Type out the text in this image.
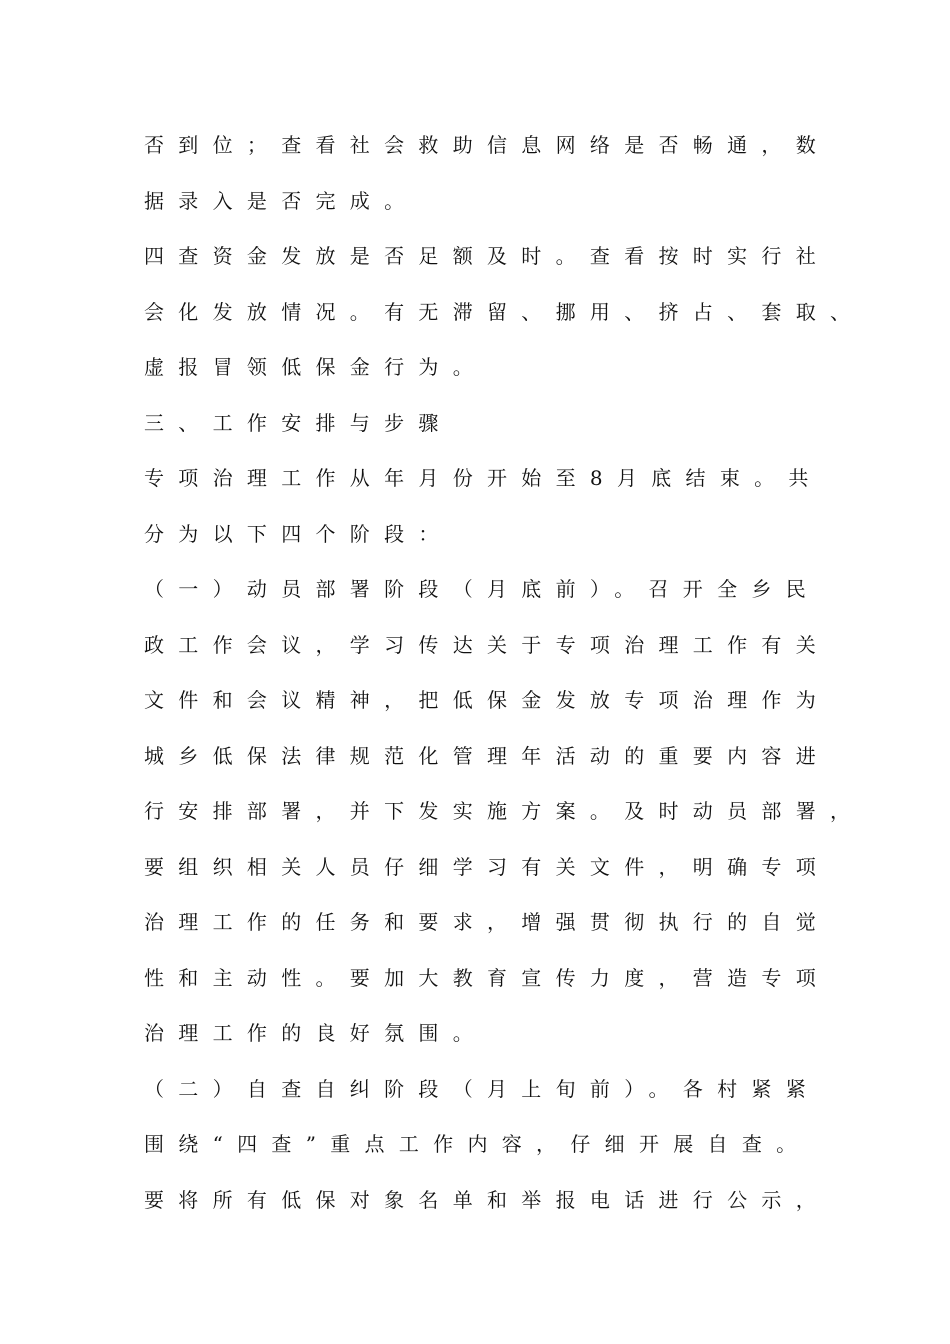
否到位；查看社会救助信息网络是否畅通，数
据录入是否完成。
四查资金发放是否足额及时。查看按时实行社
会化发放情况。有无滞留、挪用、挤占、套取、
虚报冒领低保金行为。
三、工作安排与步骤
专项治理工作从年月份开始至8月底结束。共
分为以下四个阶段：
（一）动员部署阶段（月底前）。召开全乡民
政工作会议，学习传达关于专项治理工作有关
文件和会议精神，把低保金发放专项治理作为
城乡低保法律规范化管理年活动的重要内容进
行安排部署，并下发实施方案。及时动员部署，
要组织相关人员仔细学习有关文件，明确专项
治理工作的任务和要求，增强贯彻执行的自觉
性和主动性。要加大教育宣传力度，营造专项
治理工作的良好氛围。
（二）自查自纠阶段（月上旬前）。各村紧紧
围绕“四查”重点工作内容，仔细开展自查。
要将所有低保对象名单和举报电话进行公示，
